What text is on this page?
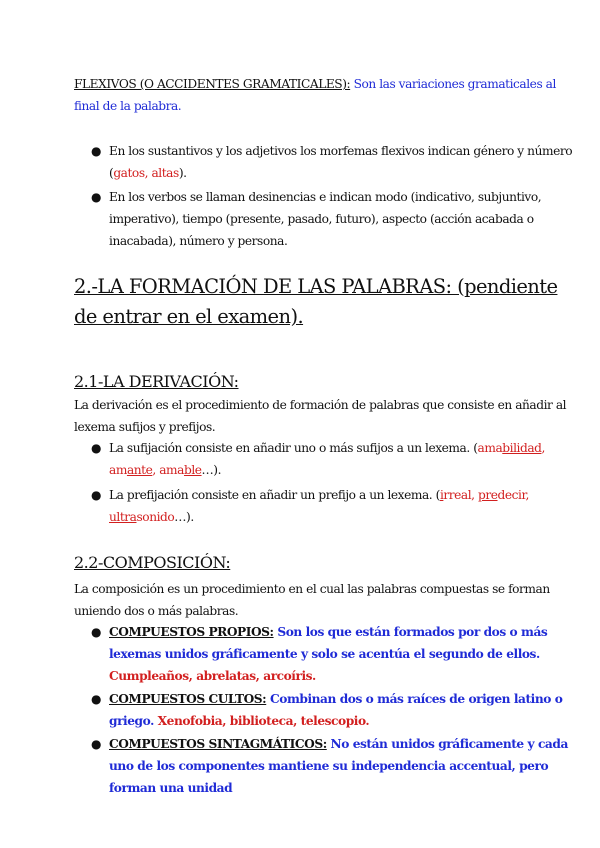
FLEXIVOS (O ACCIDENTES GRAMATICALES): Son las variaciones gramaticales al final de la palabra.
● En los sustantivos y los adjetivos los morfemas flexivos indican género y número (gatos, altas).
● En los verbos se llaman desinencias e indican modo (indicativo, subjuntivo, imperativo), tiempo (presente, pasado, futuro), aspecto (acción acabada o inacabada), número y persona.
2.-LA FORMACIÓN DE LAS PALABRAS: (pendiente de entrar en el examen).
2.1-LA DERIVACIÓN:
La derivación es el procedimiento de formación de palabras que consiste en añadir al lexema sufijos y prefijos.
● La sufijación consiste en añadir uno o más sufijos a un lexema. (amabilidad, amante, amable…).
● La prefijación consiste en añadir un prefijo a un lexema. (irreal, predecir, ultrasonido…).
2.2-COMPOSICIÓN:
La composición es un procedimiento en el cual las palabras compuestas se forman uniendo dos o más palabras.
● COMPUESTOS PROPIOS: Son los que están formados por dos o más lexemas unidos gráficamente y solo se acentúa el segundo de ellos. Cumpleaños, abrelatas, arcoíris.
● COMPUESTOS CULTOS: Combinan dos o más raíces de origen latino o griego. Xenofobia, biblioteca, telescopio.
● COMPUESTOS SINTAGMÁTICOS: No están unidos gráficamente y cada uno de los componentes mantiene su independencia accentual, pero forman una unidad
